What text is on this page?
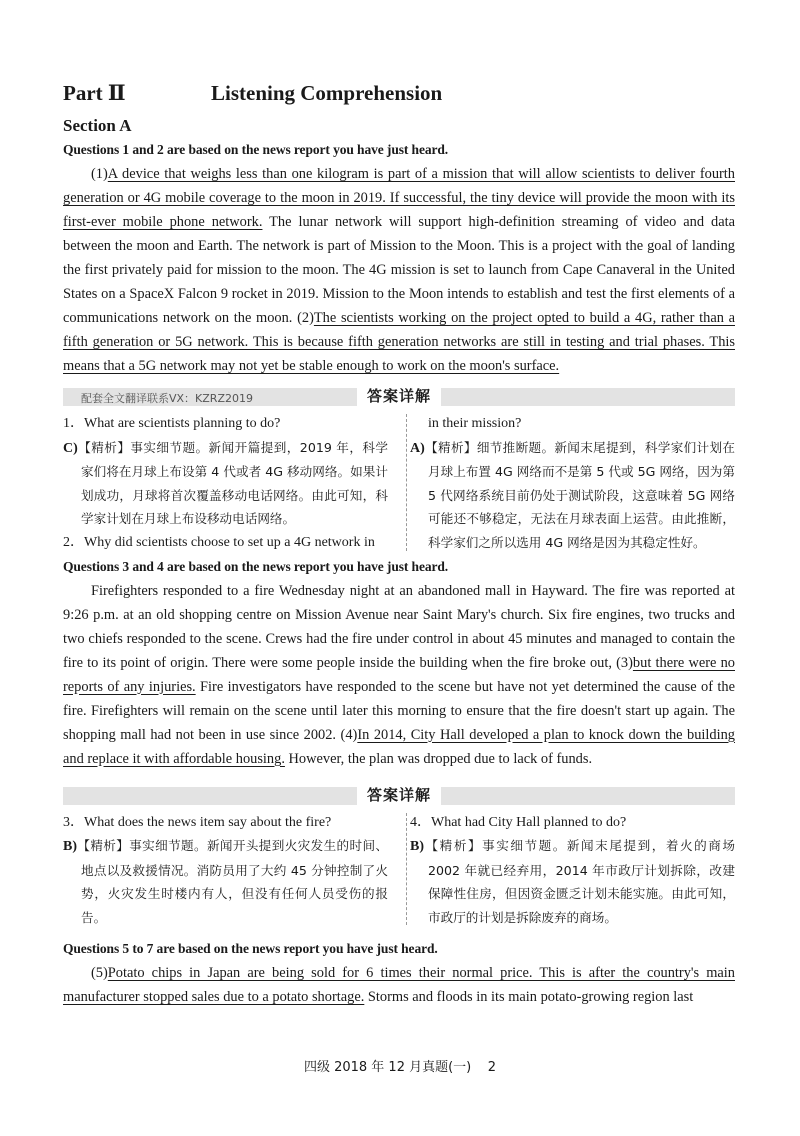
Part Ⅱ	Listening Comprehension
Section A
Questions 1 and 2 are based on the news report you have just heard.
(1)A device that weighs less than one kilogram is part of a mission that will allow scientists to deliver fourth generation or 4G mobile coverage to the moon in 2019. If successful, the tiny device will provide the moon with its first-ever mobile phone network. The lunar network will support high-definition streaming of video and data between the moon and Earth. The network is part of Mission to the Moon. This is a project with the goal of landing the first privately paid for mission to the moon. The 4G mission is set to launch from Cape Canaveral in the United States on a SpaceX Falcon 9 rocket in 2019. Mission to the Moon intends to establish and test the first elements of a communications network on the moon. (2)The scientists working on the project opted to build a 4G, rather than a fifth generation or 5G network. This is because fifth generation networks are still in testing and trial phases. This means that a 5G network may not yet be stable enough to work on the moon's surface.
配套全文翻译联系VX：KZRZ2019	答案详解
1．What are scientists planning to do?
C)【精析】事实细节题。新闻开篇提到，2019 年，科学家们将在月球上布设第 4 代或者 4G 移动网络。如果计划成功，月球将首次覆盖移动电话网络。由此可知，科学家计划在月球上布设移动电话网络。
2．Why did scientists choose to set up a 4G network in
in their mission?
A)【精析】细节推断题。新闻末尾提到，科学家们计划在月球上布置 4G 网络而不是第 5 代或 5G 网络，因为第 5 代网络系统目前仍处于测试阶段，这意味着 5G 网络可能还不够稳定，无法在月球表面上运营。由此推断，科学家们之所以选用 4G 网络是因为其稳定性好。
Questions 3 and 4 are based on the news report you have just heard.
Firefighters responded to a fire Wednesday night at an abandoned mall in Hayward. The fire was reported at 9:26 p.m. at an old shopping centre on Mission Avenue near Saint Mary's church. Six fire engines, two trucks and two chiefs responded to the scene. Crews had the fire under control in about 45 minutes and managed to contain the fire to its point of origin. There were some people inside the building when the fire broke out, (3)but there were no reports of any injuries. Fire investigators have responded to the scene but have not yet determined the cause of the fire. Firefighters will remain on the scene until later this morning to ensure that the fire doesn't start up again. The shopping mall had not been in use since 2002. (4)In 2014, City Hall developed a plan to knock down the building and replace it with affordable housing. However, the plan was dropped due to lack of funds.
答案详解
3．What does the news item say about the fire?
B)【精析】事实细节题。新闻开头提到火灾发生的时间、地点以及救援情况。消防员用了大约 45 分钟控制了火势，火灾发生时楼内有人，但没有任何人员受伤的报告。
4．What had City Hall planned to do?
B)【精析】事实细节题。新闻末尾提到，着火的商场 2002 年就已经弃用，2014 年市政厅计划拆除，改建保障性住房，但因资金匮乏计划未能实施。由此可知，市政厅的计划是拆除废弃的商场。
Questions 5 to 7 are based on the news report you have just heard.
(5)Potato chips in Japan are being sold for 6 times their normal price. This is after the country's main manufacturer stopped sales due to a potato shortage. Storms and floods in its main potato-growing region last
四级 2018 年 12 月真题(一) 2
